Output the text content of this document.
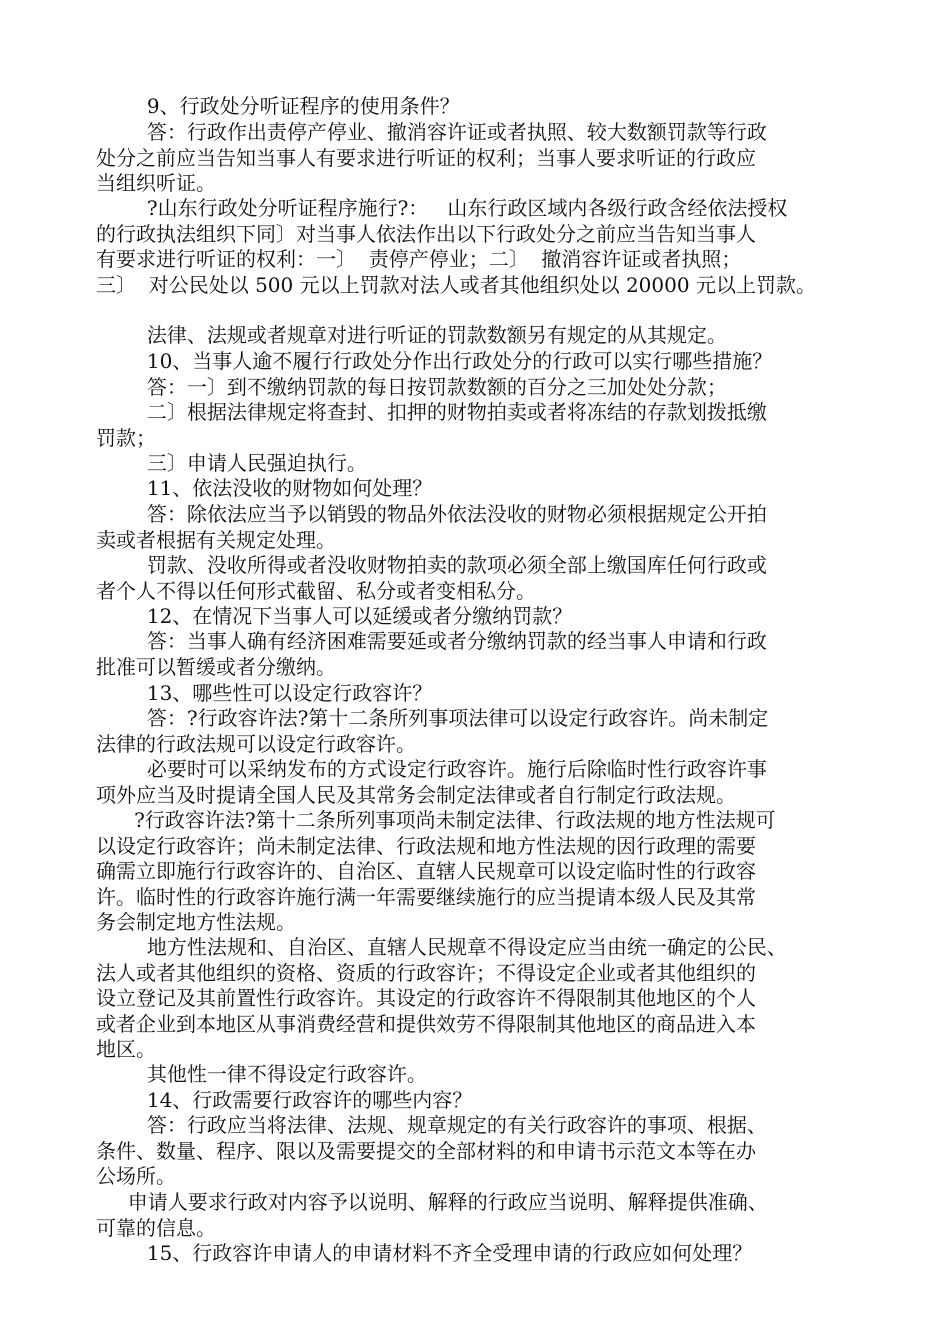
9、行政处分听证程序的使用条件？
答：行政作出责停产停业、撤消容许证或者执照、较大数额罚款等行政
处分之前应当告知当事人有要求进行听证的权利；当事人要求听证的行政应
当组织听证。
?山东行政处分听证程序施行?：   山东行政区域内各级行政含经依法授权
的行政执法组织下同〕对当事人依法作出以下行政处分之前应当告知当事人
有要求进行听证的权利：一〕  责停产停业；二〕  撤消容许证或者执照；
三〕  对公民处以 500 元以上罚款对法人或者其他组织处以 20000 元以上罚款。
法律、法规或者规章对进行听证的罚款数额另有规定的从其规定。
10、当事人逾不履行行政处分作出行政处分的行政可以实行哪些措施？
答：一〕到不缴纳罚款的每日按罚款数额的百分之三加处处分款；
二〕根据法律规定将查封、扣押的财物拍卖或者将冻结的存款划拨抵缴
罚款；
三〕申请人民强迫执行。
11、依法没收的财物如何处理？
答：除依法应当予以销毁的物品外依法没收的财物必须根据规定公开拍
卖或者根据有关规定处理。
罚款、没收所得或者没收财物拍卖的款项必须全部上缴国库任何行政或
者个人不得以任何形式截留、私分或者变相私分。
12、在情况下当事人可以延缓或者分缴纳罚款？
答：当事人确有经济困难需要延或者分缴纳罚款的经当事人申请和行政
批准可以暂缓或者分缴纳。
13、哪些性可以设定行政容许？
答：?行政容许法?第十二条所列事项法律可以设定行政容许。尚未制定
法律的行政法规可以设定行政容许。
必要时可以采纳发布的方式设定行政容许。施行后除临时性行政容许事
项外应当及时提请全国人民及其常务会制定法律或者自行制定行政法规。
?行政容许法?第十二条所列事项尚未制定法律、行政法规的地方性法规可
以设定行政容许；尚未制定法律、行政法规和地方性法规的因行政理的需要
确需立即施行行政容许的、自治区、直辖人民规章可以设定临时性的行政容
许。临时性的行政容许施行满一年需要继续施行的应当提请本级人民及其常
务会制定地方性法规。
地方性法规和、自治区、直辖人民规章不得设定应当由统一确定的公民、
法人或者其他组织的资格、资质的行政容许；不得设定企业或者其他组织的
设立登记及其前置性行政容许。其设定的行政容许不得限制其他地区的个人
或者企业到本地区从事消费经营和提供效劳不得限制其他地区的商品进入本
地区。
其他性一律不得设定行政容许。
14、行政需要行政容许的哪些内容？
答：行政应当将法律、法规、规章规定的有关行政容许的事项、根据、
条件、数量、程序、限以及需要提交的全部材料的和申请书示范文本等在办
公场所。
申请人要求行政对内容予以说明、解释的行政应当说明、解释提供准确、
可靠的信息。
15、行政容许申请人的申请材料不齐全受理申请的行政应如何处理？
